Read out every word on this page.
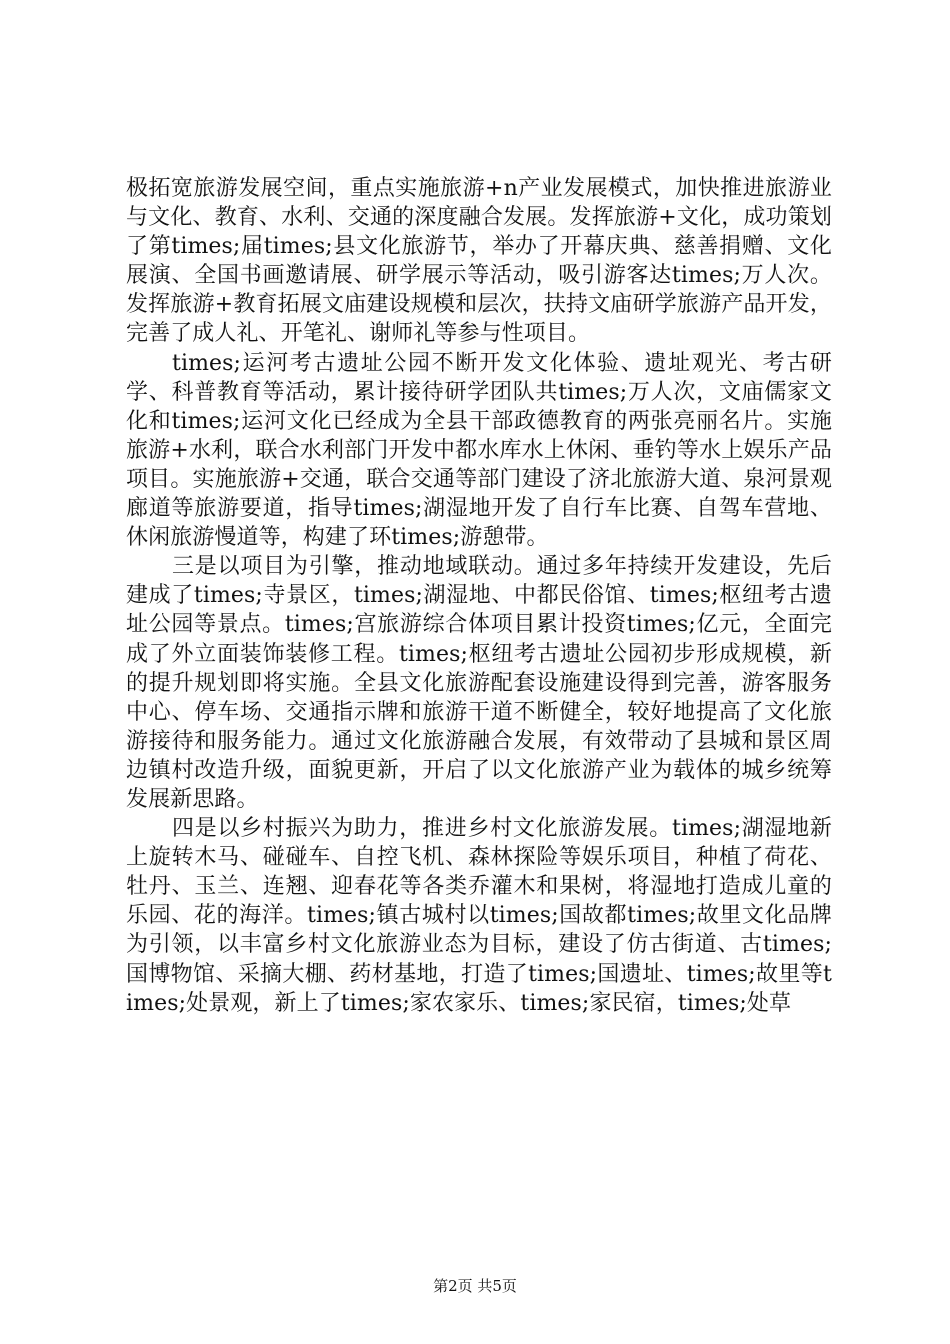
极拓宽旅游发展空间，重点实施旅游+n产业发展模式，加快推进旅游业与文化、教育、水利、交通的深度融合发展。发挥旅游+文化，成功策划了第times;届times;县文化旅游节，举办了开幕庆典、慈善捐赠、文化展演、全国书画邀请展、研学展示等活动，吸引游客达times;万人次。发挥旅游+教育拓展文庙建设规模和层次，扶持文庙研学旅游产品开发，完善了成人礼、开笔礼、谢师礼等参与性项目。

times;运河考古遗址公园不断开发文化体验、遗址观光、考古研学、科普教育等活动，累计接待研学团队共times;万人次，文庙儒家文化和times;运河文化已经成为全县干部政德教育的两张亮丽名片。实施旅游+水利，联合水利部门开发中都水库水上休闲、垂钓等水上娱乐产品项目。实施旅游+交通，联合交通等部门建设了济北旅游大道、泉河景观廊道等旅游要道，指导times;湖湿地开发了自行车比赛、自驾车营地、休闲旅游慢道等，构建了环times;游憩带。

三是以项目为引擎，推动地域联动。通过多年持续开发建设，先后建成了times;寺景区，times;湖湿地、中都民俗馆、times;枢纽考古遗址公园等景点。times;宫旅游综合体项目累计投资times;亿元，全面完成了外立面装饰装修工程。times;枢纽考古遗址公园初步形成规模，新的提升规划即将实施。全县文化旅游配套设施建设得到完善，游客服务中心、停车场、交通指示牌和旅游干道不断健全，较好地提高了文化旅游接待和服务能力。通过文化旅游融合发展，有效带动了县城和景区周边镇村改造升级，面貌更新，开启了以文化旅游产业为载体的城乡统筹发展新思路。

四是以乡村振兴为助力，推进乡村文化旅游发展。times;湖湿地新上旋转木马、碰碰车、自控飞机、森林探险等娱乐项目，种植了荷花、牡丹、玉兰、连翘、迎春花等各类乔灌木和果树，将湿地打造成儿童的乐园、花的海洋。times;镇古城村以times;国故都times;故里文化品牌为引领，以丰富乡村文化旅游业态为目标，建设了仿古街道、古times;国博物馆、采摘大棚、药材基地，打造了times;国遗址、times;故里等times;处景观，新上了times;家农家乐、times;家民宿，times;处草

第2页 共5页
